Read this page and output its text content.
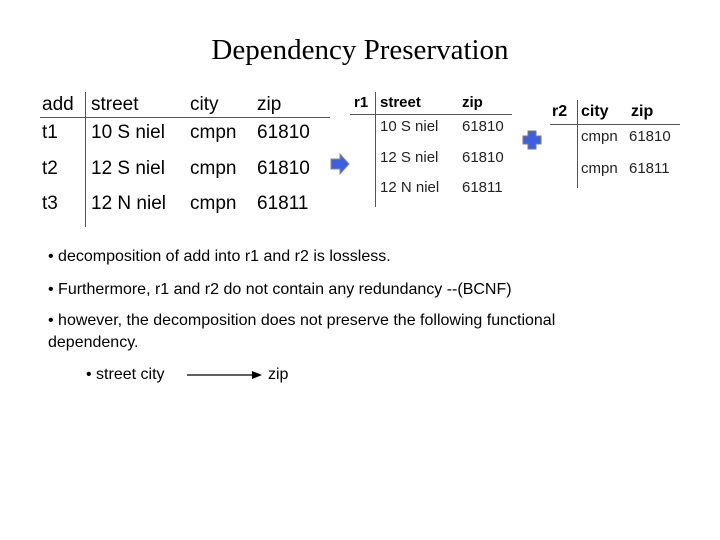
Dependency Preservation
add street	city zip
t1 10 S niel cmpn 61810
t2 12 S niel cmpn 61810
t3 12 N niel cmpn 61811
r1 street	zip
10 S niel 61810
12 S niel 61810
12 N niel 61811
r2 city zip
cmpn 61810
cmpn 61811
• decomposition of add into r1 and r2 is lossless.
• Furthermore, r1 and r2 do not contain any redundancy --(BCNF)
• however, the decomposition does not preserve the following functional dependency.
• street city	zip
